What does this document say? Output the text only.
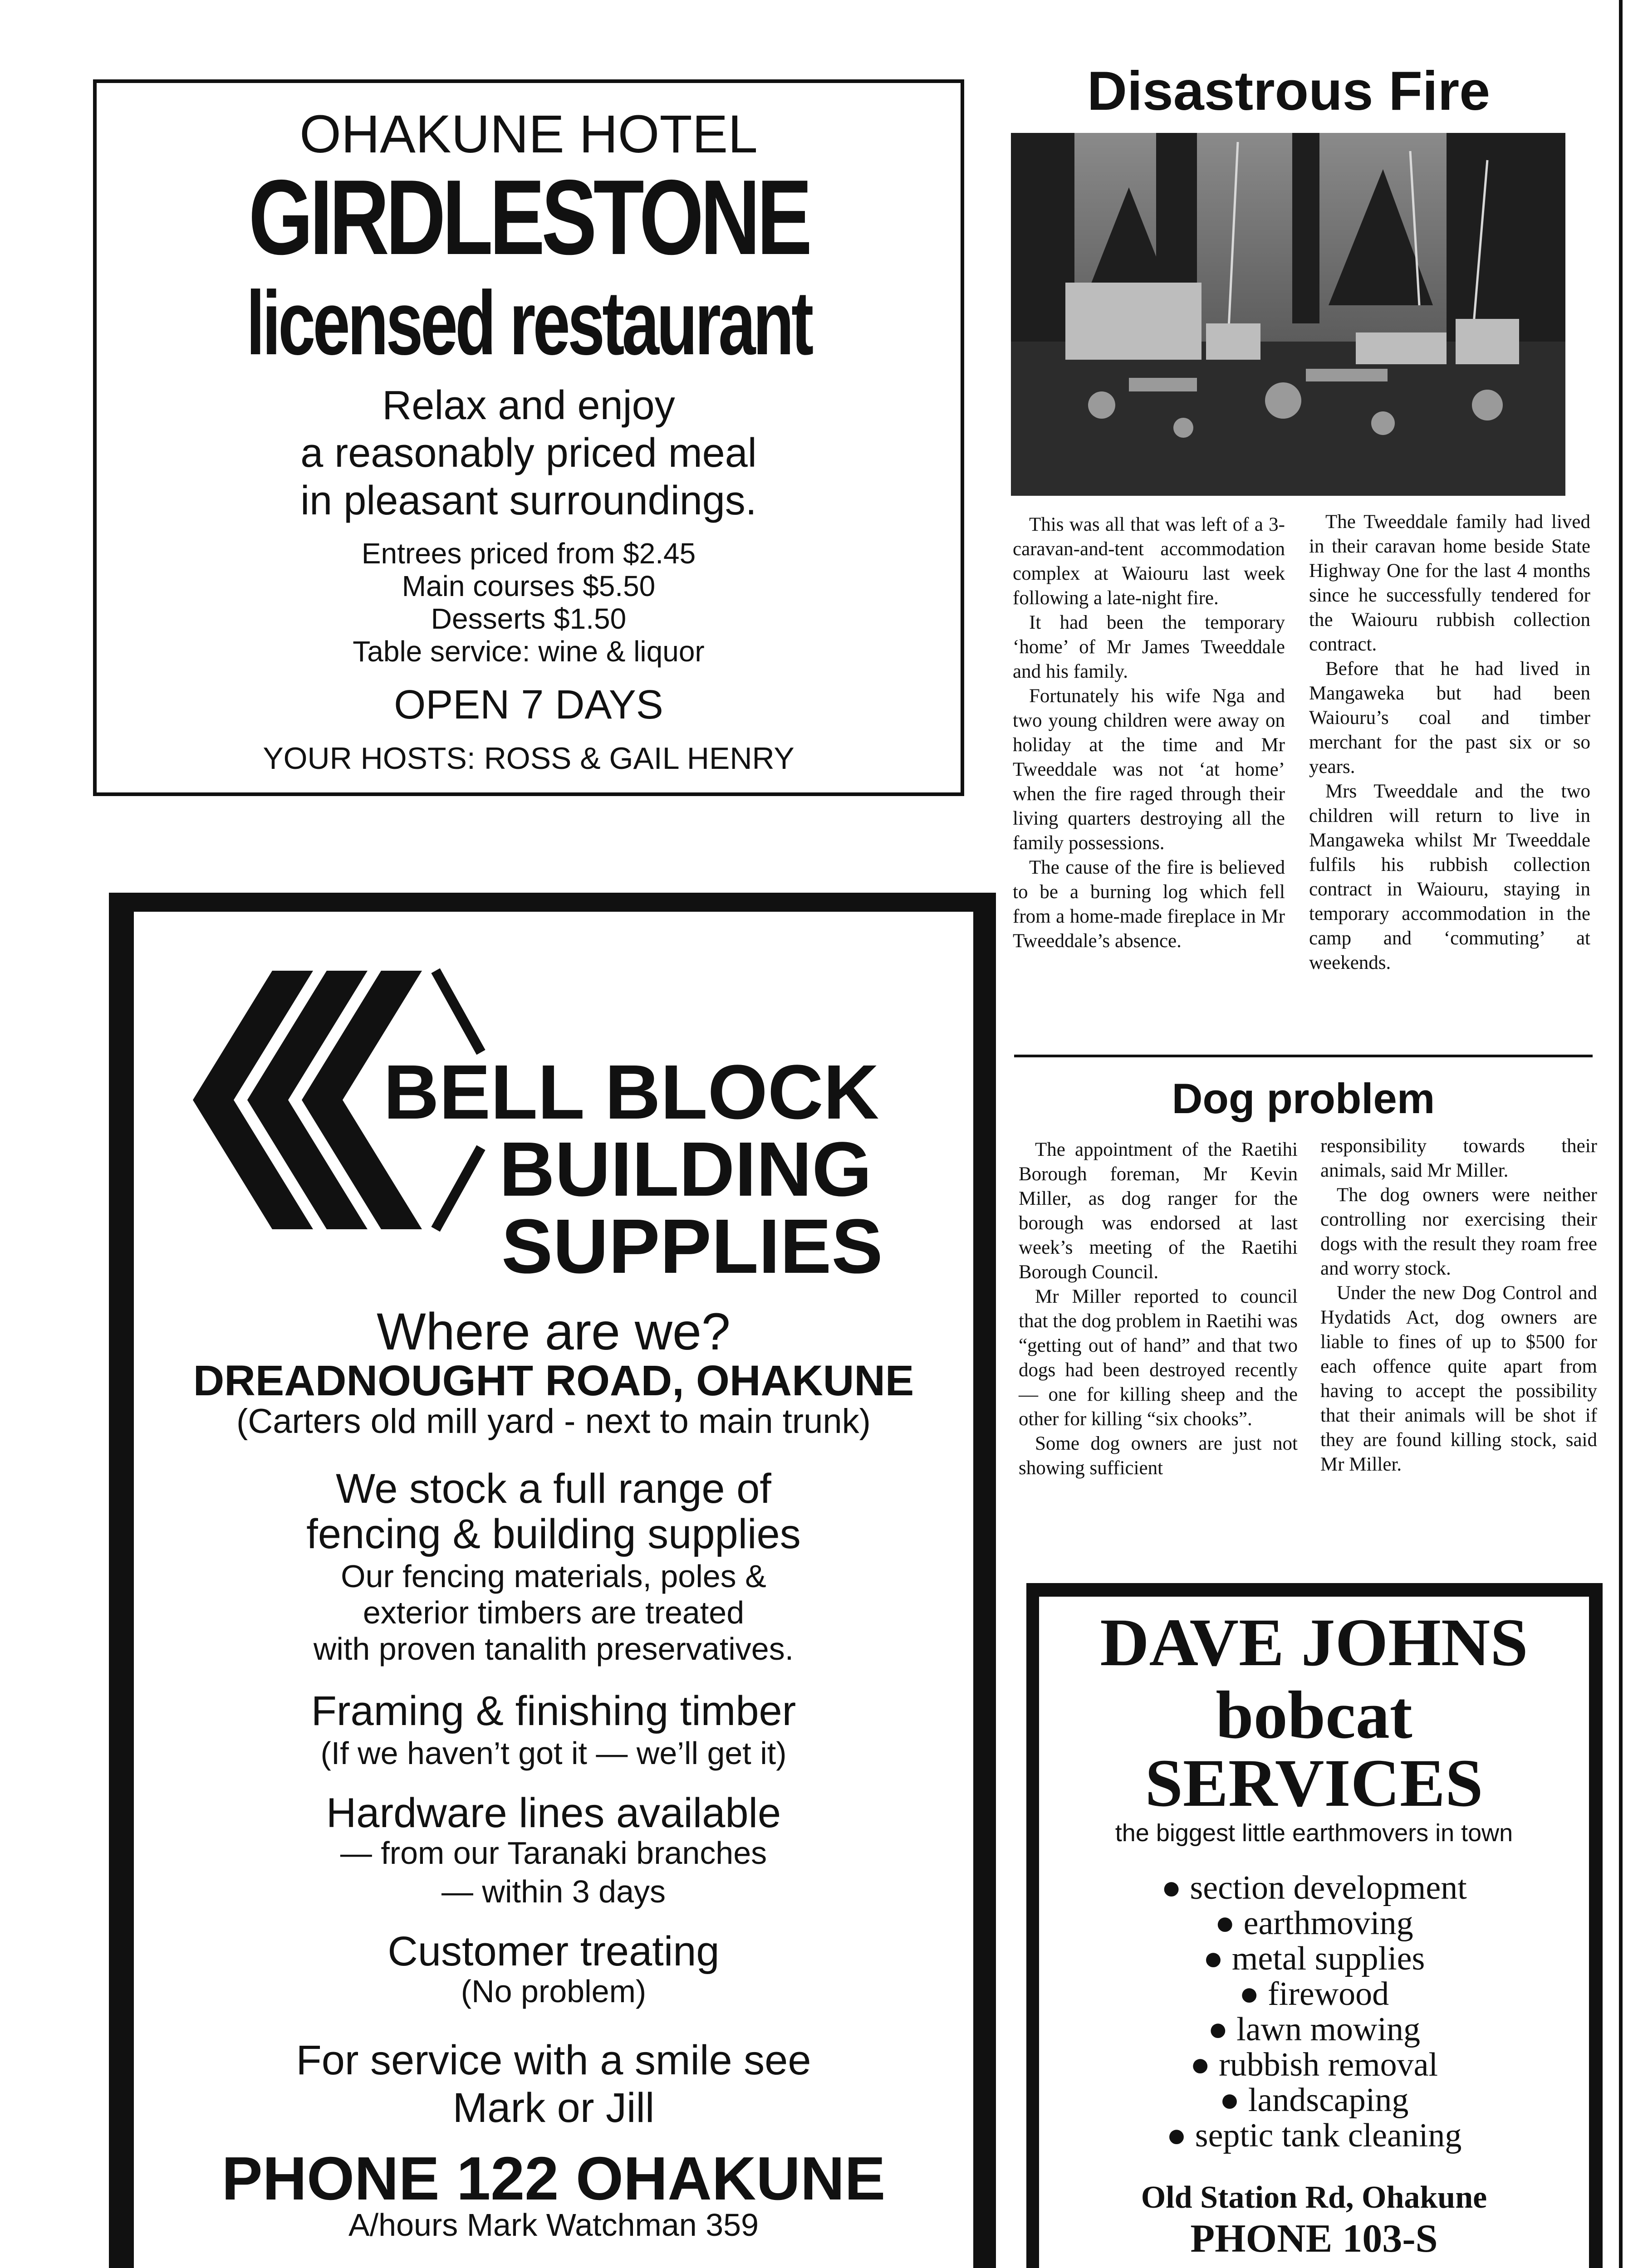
OHAKUNE HOTEL
GIRDLESTONE
licensed restaurant
Relax and enjoy
a reasonably priced meal
in pleasant surroundings.
Entrees priced from $2.45
Main courses $5.50
Desserts $1.50
Table service: wine & liquor
OPEN 7 DAYS
YOUR HOSTS: ROSS & GAIL HENRY
Disastrous Fire

This was all that was left of a 3-caravan-and-tent accommodation complex at Waiouru last week following a late-night fire.

It had been the temporary ‘home’ of Mr James Tweeddale and his family.

Fortunately his wife Nga and two young children were away on holiday at the time and Mr Tweeddale was not ‘at home’ when the fire raged through their living quarters destroying all the family possessions.

The cause of the fire is believed to be a burning log which fell from a home-made fireplace in Mr Tweeddale’s absence.

The Tweeddale family had lived in their caravan home beside State Highway One for the last 4 months since he successfully tendered for the Waiouru rubbish collection contract.

Before that he had lived in Mangaweka but had been Waiouru’s coal and timber merchant for the past six or so years.

Mrs Tweeddale and the two children will return to live in Mangaweka whilst Mr Tweeddale fulfils his rubbish collection contract in Waiouru, staying in temporary accommodation in the camp and ‘commuting’ at weekends.

Dog problem

The appointment of the Raetihi Borough foreman, Mr Kevin Miller, as dog ranger for the borough was endorsed at last week’s meeting of the Raetihi Borough Council.

Mr Miller reported to council that the dog problem in Raetihi was “getting out of hand” and that two dogs had been destroyed recently — one for killing sheep and the other for killing “six chooks”.

Some dog owners are just not showing sufficient

responsibility towards their animals, said Mr Miller.

The dog owners were neither controlling nor exercising their dogs with the result they roam free and worry stock.

Under the new Dog Control and Hydatids Act, dog owners are liable to fines of up to $500 for each offence quite apart from having to accept the possibility that their animals will be shot if they are found killing stock, said Mr Miller.

BELL BLOCK
BUILDING
SUPPLIES
Where are we?
DREADNOUGHT ROAD, OHAKUNE
(Carters old mill yard - next to main trunk)
We stock a full range of
fencing & building supplies
Our fencing materials, poles &
exterior timbers are treated
with proven tanalith preservatives.
Framing & finishing timber
(If we haven’t got it — we’ll get it)
Hardware lines available
— from our Taranaki branches
— within 3 days
Customer treating
(No problem)
For service with a smile see
Mark or Jill
PHONE 122 OHAKUNE
A/hours Mark Watchman 359
DAVE JOHNS
bobcat
SERVICES
the biggest little earthmovers in town
● section development
● earthmoving
● metal supplies
● firewood
● lawn mowing
● rubbish removal
● landscaping
● septic tank cleaning
Old Station Rd, Ohakune
PHONE 103-S
